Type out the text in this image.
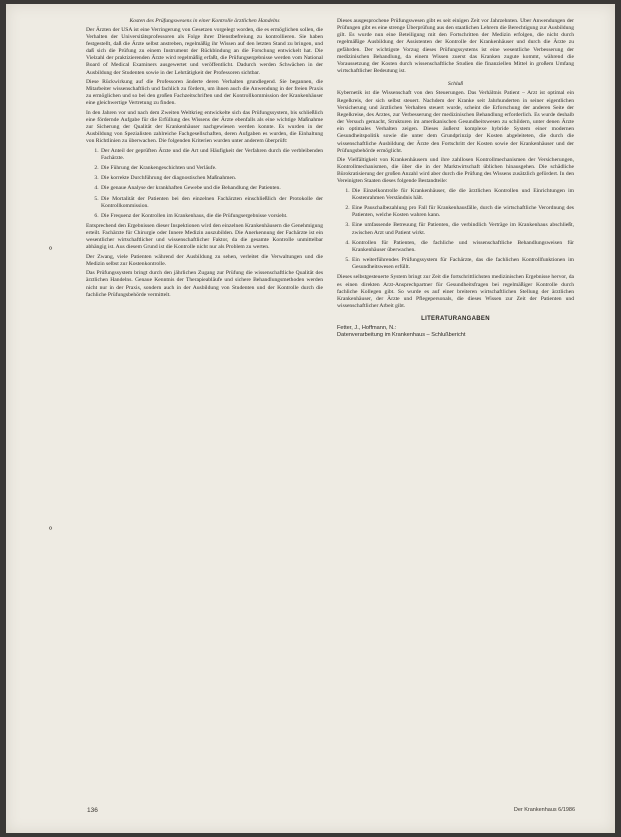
⚬
⚬

Kosten des Prüfungswesens in einer Kontrolle ärztlichen Handelns

Der Ärzten der USA ist eine Verringerung von Gesetzen vorgelegt worden, die es ermöglichen sollen, die Verhalten der Universitätsprofessoren als Folge ihrer Dienstbefreiung zu kontrollieren. Sie haben festgestellt, daß die Ärzte selbst anstreben, regelmäßig ihr Wissen auf den letzten Stand zu bringen, und daß sich die Prüfung zu einem Instrument der Rückbindung an die Forschung entwickelt hat. Die Vielzahl der praktizierenden Ärzte wird regelmäßig erfaßt, die Prüfungsergebnisse werden vom National Board of Medical Examiners ausgewertet und veröffentlicht. Dadurch werden Schwächen in der Ausbildung der Studenten sowie in der Lehrtätigkeit der Professoren sichtbar.

Diese Rückwirkung auf die Professoren änderte deren Verhalten grundlegend. Sie begannen, die Mitarbeiter wissenschaftlich und fachlich zu fördern, um ihnen auch die Anwendung in der freien Praxis zu ermöglichen und so bei den großen Fachzeitschriften und der Kontrollkommission der Krankenhäuser eine gleichwertige Vertretung zu finden.

In den Jahren vor und nach dem Zweiten Weltkrieg entwickelte sich das Prüfungssystem, bis schließlich eine fördernde Aufgabe für die Erfüllung des Wissens der Ärzte ebenfalls als eine wichtige Maßnahme zur Sicherung der Qualität der Krankenhäuser nachgewiesen werden konnte. Es wurden in der Ausbildung von Spezialisten zahlreiche Fachgesellschaften, deren Aufgaben es wurden, die Einhaltung von Richtlinien zu überwachen. Die folgenden Kriterien wurden unter anderem überprüft:

1. Der Anteil der geprüften Ärzte und die Art und Häufigkeit der Verfahren durch die verbleibenden Fachärzte.
2. Die Führung der Krankengeschichten und Verläufe.
3. Die korrekte Durchführung der diagnostischen Maßnahmen.
4. Die genaue Analyse der krankhaften Gewebe und die Behandlung der Patienten.
5. Die Mortalität der Patienten bei den einzelnen Fachärzten einschließlich der Protokolle der Kontrollkommission.
6. Die Frequenz der Kontrollen im Krankenhaus, die die Prüfungsergebnisse vorsieht.

Entsprechend den Ergebnissen dieser Inspektionen wird den einzelnen Krankenhäusern die Genehmigung erteilt. Fachärzte für Chirurgie oder Innere Medizin auszubilden. Die Anerkennung der Fachärzte ist ein wesentlicher wirtschaftlicher und wissenschaftlicher Faktor, da die gesamte Kontrolle unmittelbar abhängig ist. Aus diesem Grund ist die Kontrolle nicht nur als Problem zu werten.

Der Zwang, viele Patienten während der Ausbildung zu sehen, verleitet die Verwaltungen und die Medizin selbst zur Kostenkontrolle.

Das Prüfungssystem bringt durch den jährlichen Zugang zur Prüfung die wissenschaftliche Qualität des ärztlichen Handelns. Genaue Kenntnis der Therapieabläufe und sichere Behandlungsmethoden werden nicht nur in der Praxis, sondern auch in der Ausbildung von Studenten und der Kontrolle durch die fachliche Prüfungsbehörde vermittelt.

Dieses ausgesprochene Prüfungswesen gibt es seit einigen Zeit vor Jahrzehnten. Über Anwendungen der Prüfungen gibt es eine strenge Überprüfung aus den staatlichen Lehrern die Berechtigung zur Ausbildung gilt. Es wurde nun eine Beteiligung mit den Fortschritten der Medizin erfolgen, die nicht durch regelmäßige Ausbildung der Assistenten der Kontrolle der Krankenhäuser und durch die Ärzte zu gefährden. Der wichtigste Vorzug dieses Prüfungssystems ist eine wesentliche Verbesserung der medizinischen Behandlung, da einem Wissen zuerst das Kranken zugute kommt, während die Voraussetzung der Kosten durch wissenschaftliche Studien die finanziellen Mittel in großem Umfang wirtschaftlicher Bedeutung ist.

Schluß

Kybernetik ist die Wissenschaft von den Steuerungen. Das Verhältnis Patient – Arzt ist optimal ein Regelkreis, der sich selbst steuert. Nachdem der Kranke seit Jahrhunderten in seiner eigentlichen Versicherung und ärztlichen Verhalten steuert wurde, scheint die Erforschung der anderen Seite der Regelkreise, des Arztes, zur Verbesserung der medizinischen Behandlung erforderlich. Es wurde deshalb der Versuch gemacht, Strukturen im amerikanischen Gesundheitswesen zu schildern, unter denen Ärzte ein optimales Verhalten zeigen. Dieses äußerst komplexe hybride System einer modernen Gesundheitspolitik sowie die unter dem Grundprinzip der Kosten abgeleiteten, die durch die wissenschaftliche Ausbildung der Ärzte den Fortschritt der Kosten sowie der Krankenhäuser und der Prüfungsbehörde ermöglicht.

Die Vielfältigkeit von Krankenhäusern und ihre zahllosen Kontrollmechanismen der Versicherungen, Kontrollmechanismen, die über die in der Marktwirtschaft üblichen hinausgehen. Die schädliche Bürokratisierung der großen Anzahl wird aber durch die Prüfung des Wissens zusätzlich gefördert. In den Vereinigten Staaten dieses folgende Bestandteile:

1. Die Einzelkontrolle für Krankenhäuser, die die ärztlichen Kontrollen und Einrichtungen im Kostenrahmen Verständnis hält.
2. Eine Pauschalbezahlung pro Fall für Krankenhausfälle, durch die wirtschaftliche Verordnung des Patienten, welche Kosten wahren kann.
3. Eine umfassende Betreuung für Patienten, die verbindlich Verträge im Krankenhaus abschließt, zwischen Arzt und Patient wirkt.
4. Kontrollen für Patienten, die fachliche und wissenschaftliche Behandlungsweisen für Krankenhäuser überwachen.
5. Ein weiterführendes Prüfungssystem für Fachärzte, das die fachlichen Kontrollfunktionen im Gesundheitswesen erfüllt.

Dieses selbstgesteuerte System bringt zur Zeit die fortschrittlichsten medizinischen Ergebnisse hervor, da es einen direkten Arzt-Ansprechpartner für Gesundheitsfragen bei regelmäßiger Kontrolle durch fachliche Kollegen gibt. So wurde es auf einer breiteren wirtschaftlichen Stellung der ärztlichen Krankenhäuser, der Ärzte und Pflegepersonals, die dieses Wissen zur Zeit der Patienten und wissenschaftlicher Arbeit gibt.

LITERATURANGABEN

Fetter, J., Hoffmann, N.:

Datenverarbeitung im Krankenhaus – Schlußbericht

136	Der Krankenhaus 6/1986
